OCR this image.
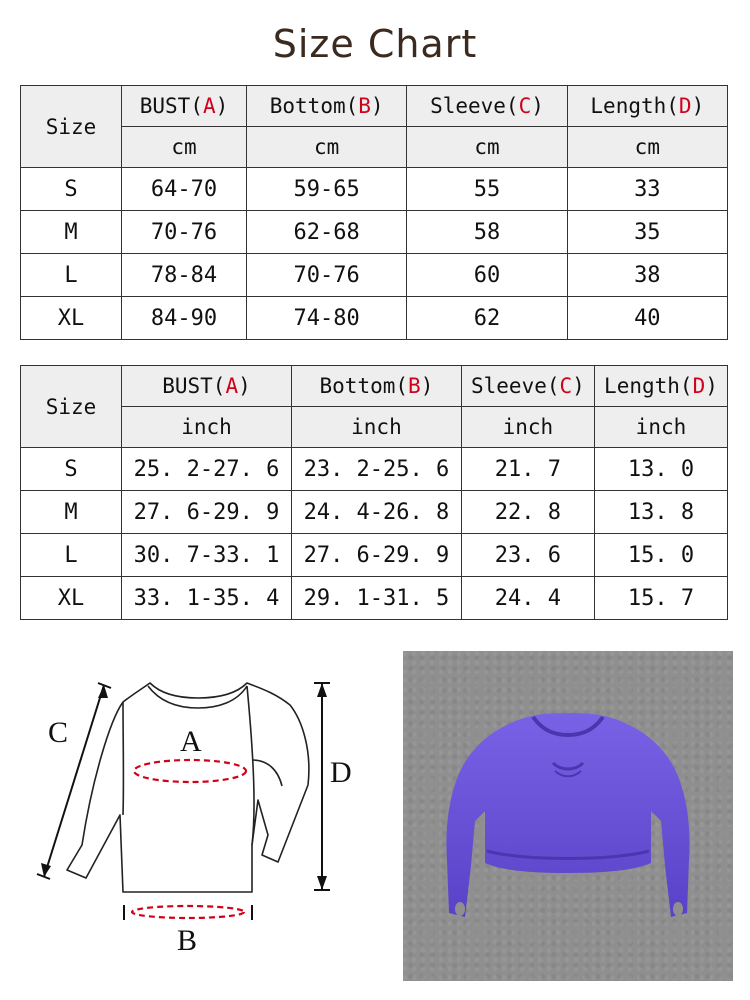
Size Chart
Size	BUST(A)	Bottom(B)	Sleeve(C)	Length(D)
	cm	cm	cm	cm
S	64-70	59-65	55	33
M	70-76	62-68	58	35
L	78-84	70-76	60	38
XL	84-90	74-80	62	40
Size	BUST(A)	Bottom(B)	Sleeve(C)	Length(D)
	inch	inch	inch	inch
S	25. 2-27. 6	23. 2-25. 6	21. 7	13. 0
M	27. 6-29. 9	24. 4-26. 8	22. 8	13. 8
L	30. 7-33. 1	27. 6-29. 9	23. 6	15. 0
XL	33. 1-35. 4	29. 1-31. 5	24. 4	15. 7
C	A
D
B
